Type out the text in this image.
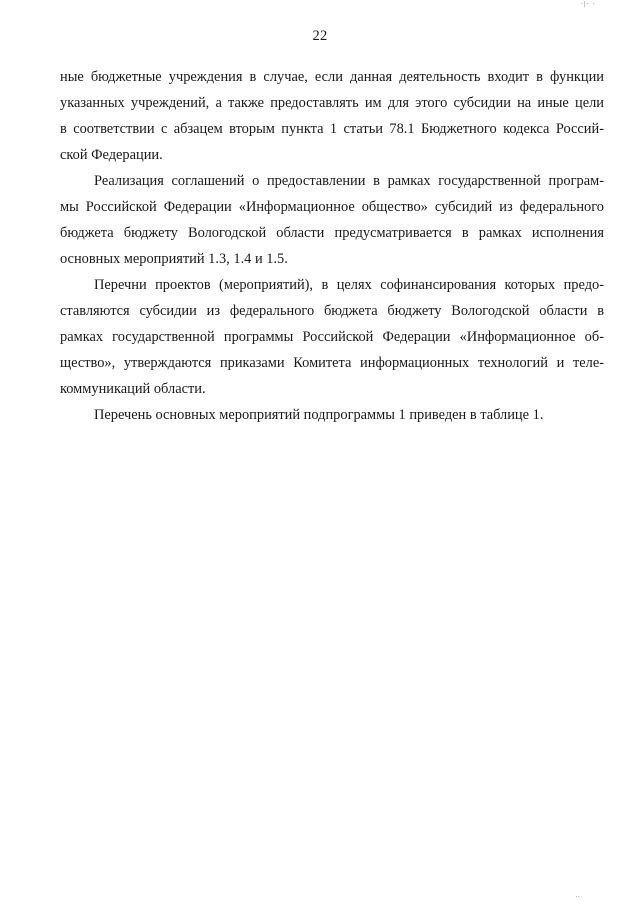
·|· ·
22

ные бюджетные учреждения в случае, если данная деятельность входит в функции
указанных учреждений, а также предоставлять им для этого субсидии на иные цели
в соответствии с абзацем вторым пункта 1 статьи 78.1 Бюджетного кодекса Россий-
ской Федерации.

Реализация соглашений о предоставлении в рамках государственной програм-
мы Российской Федерации «Информационное общество» субсидий из федерального
бюджета бюджету Вологодской области предусматривается в рамках исполнения
основных мероприятий 1.3, 1.4 и 1.5.

Перечни проектов (мероприятий), в целях софинансирования которых предо-
ставляются субсидии из федерального бюджета бюджету Вологодской области в
рамках государственной программы Российской Федерации «Информационное об-
щество», утверждаются приказами Комитета информационных технологий и теле-
коммуникаций области.

Перечень основных мероприятий подпрограммы 1 приведен в таблице 1.

··
